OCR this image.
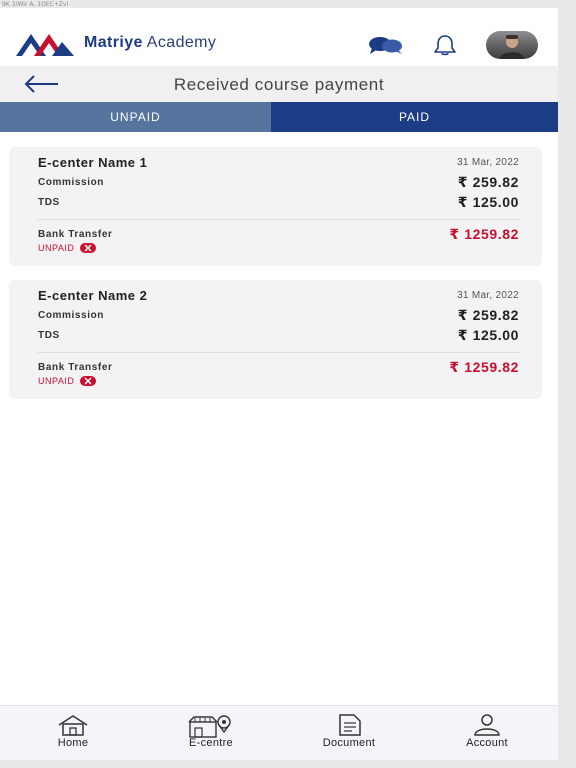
9K 3/Wir A, 1OEC+Zvl
Matriye Academy
Received course payment
UNPAID	PAID
E-center Name 1	31 Mar, 2022
Commission	₹ 259.82
TDS	₹ 125.00
Bank Transfer	₹ 1259.82
UNPAID
E-center Name 2	31 Mar, 2022
Commission	₹ 259.82
TDS	₹ 125.00
Bank Transfer	₹ 1259.82
UNPAID
Home	E-centre	Document	Account
